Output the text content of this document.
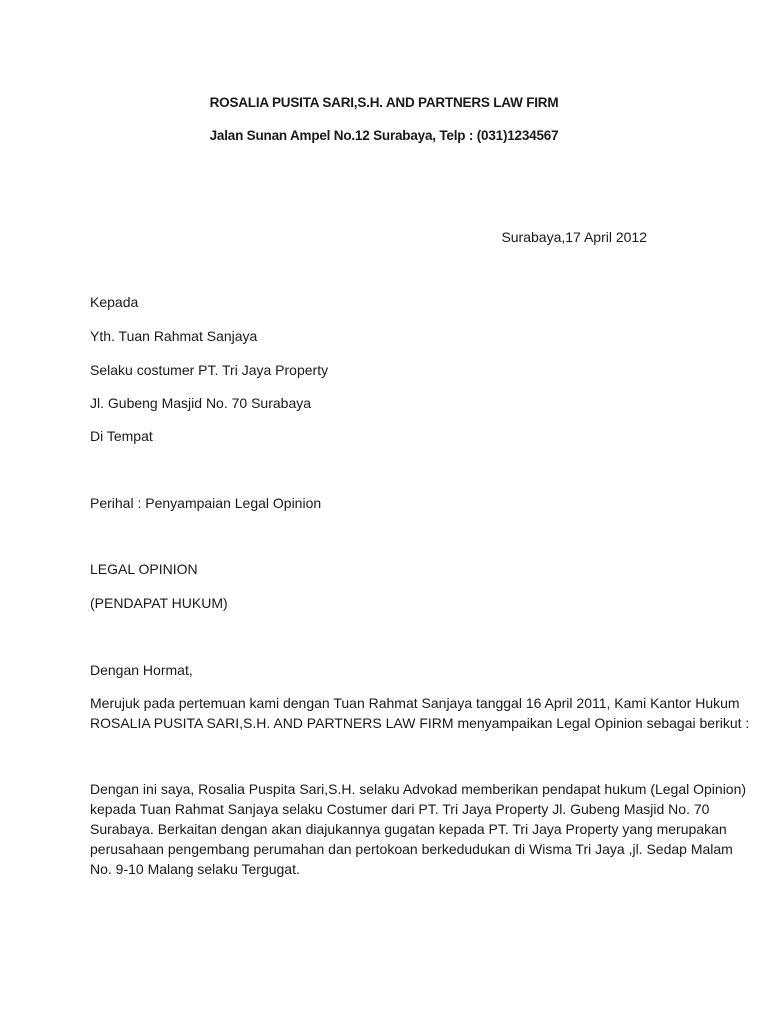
ROSALIA PUSITA SARI,S.H. AND PARTNERS LAW FIRM
Jalan Sunan Ampel No.12 Surabaya, Telp : (031)1234567
Surabaya,17 April 2012
Kepada
Yth. Tuan Rahmat Sanjaya
Selaku costumer PT. Tri Jaya Property
Jl. Gubeng Masjid No. 70 Surabaya
Di Tempat
Perihal : Penyampaian Legal Opinion
LEGAL OPINION
(PENDAPAT HUKUM)
Dengan Hormat,

Merujuk pada pertemuan kami dengan Tuan Rahmat Sanjaya tanggal 16 April 2011, Kami Kantor Hukum

ROSALIA PUSITA SARI,S.H. AND PARTNERS LAW FIRM menyampaikan Legal Opinion sebagai berikut :

Dengan ini saya, Rosalia Puspita Sari,S.H. selaku Advokad memberikan pendapat hukum (Legal Opinion)

kepada Tuan Rahmat Sanjaya selaku Costumer dari PT. Tri Jaya Property Jl. Gubeng Masjid No. 70

Surabaya. Berkaitan dengan akan diajukannya gugatan kepada PT. Tri Jaya Property yang merupakan

perusahaan pengembang perumahan dan pertokoan berkedudukan di Wisma Tri Jaya ,jl. Sedap Malam

No. 9-10 Malang selaku Tergugat.
